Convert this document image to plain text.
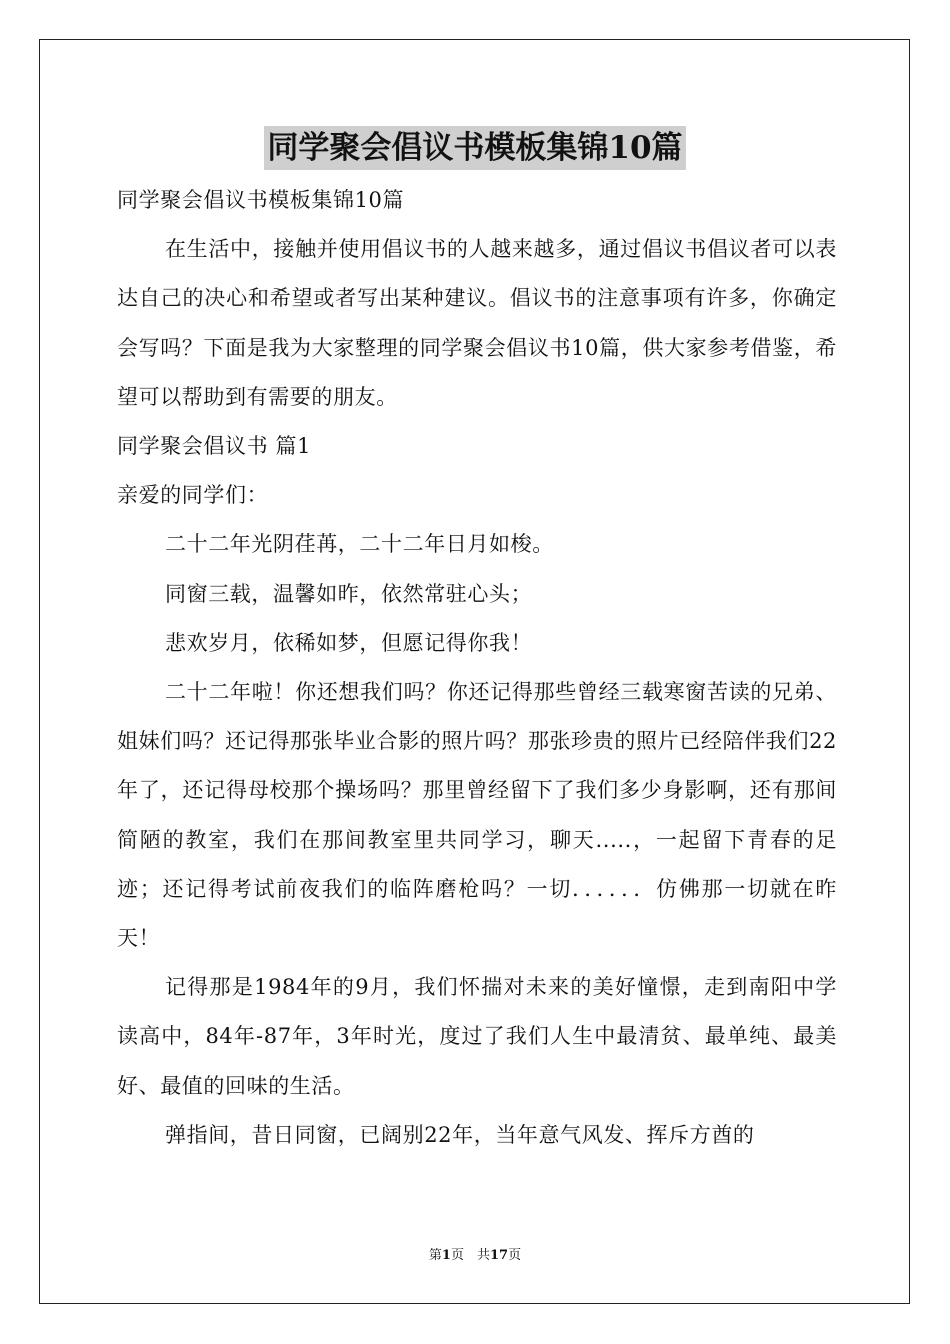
同学聚会倡议书模板集锦10篇

同学聚会倡议书模板集锦10篇

在生活中，接触并使用倡议书的人越来越多，通过倡议书倡议者可以表达自己的决心和希望或者写出某种建议。倡议书的注意事项有许多，你确定会写吗？下面是我为大家整理的同学聚会倡议书10篇，供大家参考借鉴，希望可以帮助到有需要的朋友。

同学聚会倡议书 篇1

亲爱的同学们：

二十二年光阴荏苒，二十二年日月如梭。

同窗三载，温馨如昨，依然常驻心头；

悲欢岁月，依稀如梦，但愿记得你我！

二十二年啦！你还想我们吗？你还记得那些曾经三载寒窗苦读的兄弟、姐妹们吗？还记得那张毕业合影的照片吗？那张珍贵的照片已经陪伴我们22年了，还记得母校那个操场吗？那里曾经留下了我们多少身影啊，还有那间简陋的教室，我们在那间教室里共同学习，聊天.....，一起留下青春的足迹；还记得考试前夜我们的临阵磨枪吗？一切．．．．．．仿佛那一切就在昨天！

记得那是1984年的9月，我们怀揣对未来的美好憧憬，走到南阳中学读高中，84年-87年，3年时光，度过了我们人生中最清贫、最单纯、最美好、最值的回味的生活。

弹指间，昔日同窗，已阔别22年，当年意气风发、挥斥方酋的

第1页　共17页
